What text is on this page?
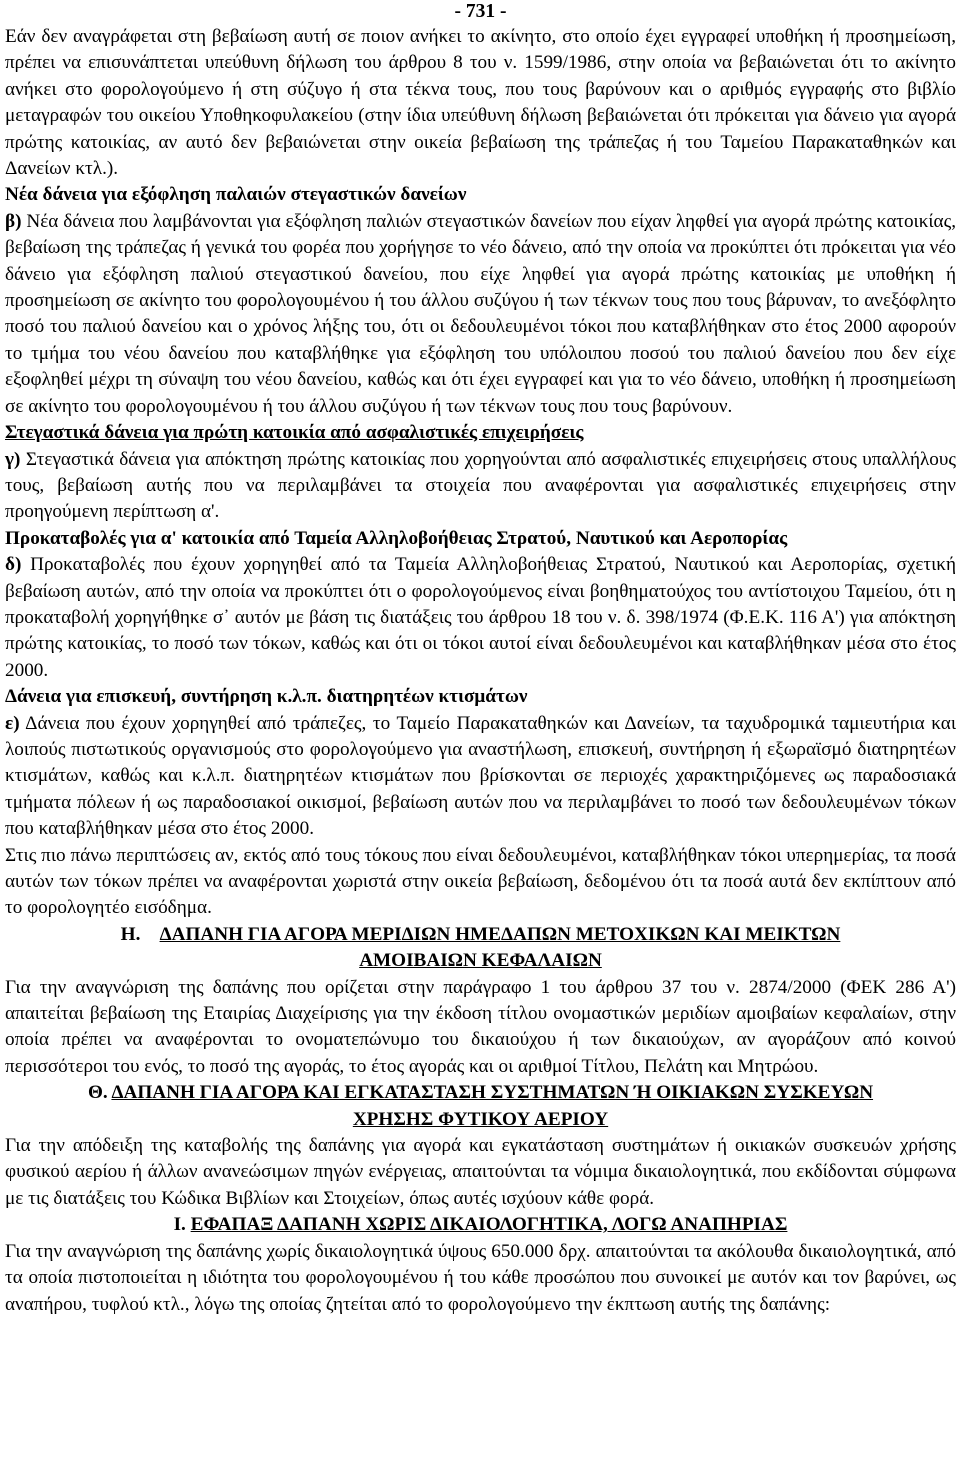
- 731 -

Εάν δεν αναγράφεται στη βεβαίωση αυτή σε ποιον ανήκει το ακίνητο, στο οποίο έχει εγγραφεί υποθήκη ή προσημείωση, πρέπει να επισυνάπτεται υπεύθυνη δήλωση του άρθρου 8 του ν. 1599/1986, στην οποία να βεβαιώνεται ότι το ακίνητο ανήκει στο φορολογούμενο ή στη σύζυγο ή στα τέκνα τους, που τους βαρύνουν και ο αριθμός εγγραφής στο βιβλίο μεταγραφών του οικείου Υποθηκοφυλακείου (στην ίδια υπεύθυνη δήλωση βεβαιώνεται ότι πρόκειται για δάνειο για αγορά πρώτης κατοικίας, αν αυτό δεν βεβαιώνεται στην οικεία βεβαίωση της τράπεζας ή του Ταμείου Παρακαταθηκών και Δανείων κτλ.).

Νέα δάνεια για εξόφληση παλαιών στεγαστικών δανείων

β) Νέα δάνεια που λαμβάνονται για εξόφληση παλιών στεγαστικών δανείων που είχαν ληφθεί για αγορά πρώτης κατοικίας, βεβαίωση της τράπεζας ή γενικά του φορέα που χορήγησε το νέο δάνειο, από την οποία να προκύπτει ότι πρόκειται για νέο δάνειο για εξόφληση παλιού στεγαστικού δανείου, που είχε ληφθεί για αγορά πρώτης κατοικίας με υποθήκη ή προσημείωση σε ακίνητο του φορολογουμένου ή του άλλου συζύγου ή των τέκνων τους που τους βάρυναν, το ανεξόφλητο ποσό του παλιού δανείου και ο χρόνος λήξης του, ότι οι δεδουλευμένοι τόκοι που καταβλήθηκαν στο έτος 2000 αφορούν το τμήμα του νέου δανείου που καταβλήθηκε για εξόφληση του υπόλοιπου ποσού του παλιού δανείου που δεν είχε εξοφληθεί μέχρι τη σύναψη του νέου δανείου, καθώς και ότι έχει εγγραφεί και για το νέο δάνειο, υποθήκη ή προσημείωση σε ακίνητο του φορολογουμένου ή του άλλου συζύγου ή των τέκνων τους που τους βαρύνουν.

Στεγαστικά δάνεια για πρώτη κατοικία από ασφαλιστικές επιχειρήσεις

γ) Στεγαστικά δάνεια για απόκτηση πρώτης κατοικίας που χορηγούνται από ασφαλιστικές επιχειρήσεις στους υπαλλήλους τους, βεβαίωση αυτής που να περιλαμβάνει τα στοιχεία που αναφέρονται για ασφαλιστικές επιχειρήσεις στην προηγούμενη περίπτωση α'.

Προκαταβολές για α' κατοικία από Ταμεία Αλληλοβοήθειας Στρατού, Ναυτικού και Αεροπορίας

δ) Προκαταβολές που έχουν χορηγηθεί από τα Ταμεία Αλληλοβοήθειας Στρατού, Ναυτικού και Αεροπορίας, σχετική βεβαίωση αυτών, από την οποία να προκύπτει ότι ο φορολογούμενος είναι βοηθηματούχος του αντίστοιχου Ταμείου, ότι η προκαταβολή χορηγήθηκε σ᾽ αυτόν με βάση τις διατάξεις του άρθρου 18 του ν. δ. 398/1974 (Φ.Ε.Κ. 116 Α') για απόκτηση πρώτης κατοικίας, το ποσό των τόκων, καθώς και ότι οι τόκοι αυτοί είναι δεδουλευμένοι και καταβλήθηκαν μέσα στο έτος 2000.

Δάνεια για επισκευή, συντήρηση κ.λ.π. διατηρητέων κτισμάτων

ε) Δάνεια που έχουν χορηγηθεί από τράπεζες, το Ταμείο Παρακαταθηκών και Δανείων, τα ταχυδρομικά ταμιευτήρια και λοιπούς πιστωτικούς οργανισμούς στο φορολογούμενο για αναστήλωση, επισκευή, συντήρηση ή εξωραϊσμό διατηρητέων κτισμάτων, καθώς και κ.λ.π. διατηρητέων κτισμάτων που βρίσκονται σε περιοχές χαρακτηριζόμενες ως παραδοσιακά τμήματα πόλεων ή ως παραδοσιακοί οικισμοί, βεβαίωση αυτών που να περιλαμβάνει το ποσό των δεδουλευμένων τόκων που καταβλήθηκαν μέσα στο έτος 2000.

Στις πιο πάνω περιπτώσεις αν, εκτός από τους τόκους που είναι δεδουλευμένοι, καταβλήθηκαν τόκοι υπερημερίας, τα ποσά αυτών των τόκων πρέπει να αναφέρονται χωριστά στην οικεία βεβαίωση, δεδομένου ότι τα ποσά αυτά δεν εκπίπτουν από το φορολογητέο εισόδημα.

Η. ΔΑΠΑΝΗ ΓΙΑ ΑΓΟΡΑ ΜΕΡΙΔΙΩΝ ΗΜΕΔΑΠΩΝ ΜΕΤΟΧΙΚΩΝ ΚΑΙ ΜΕΙΚΤΩΝ
ΑΜΟΙΒΑΙΩΝ ΚΕΦΑΛΑΙΩΝ

Για την αναγνώριση της δαπάνης που ορίζεται στην παράγραφο 1 του άρθρου 37 του ν. 2874/2000 (ΦΕΚ 286 Α') απαιτείται βεβαίωση της Εταιρίας Διαχείρισης για την έκδοση τίτλου ονομαστικών μεριδίων αμοιβαίων κεφαλαίων, στην οποία πρέπει να αναφέρονται το ονοματεπώνυμο του δικαιούχου ή των δικαιούχων, αν αγοράζουν από κοινού περισσότεροι του ενός, το ποσό της αγοράς, το έτος αγοράς και οι αριθμοί Τίτλου, Πελάτη και Μητρώου.

Θ. ΔΑΠΑΝΗ ΓΙΑ ΑΓΟΡΑ ΚΑΙ ΕΓΚΑΤΑΣΤΑΣΗ ΣΥΣΤΗΜΑΤΩΝ Ή ΟΙΚΙΑΚΩΝ ΣΥΣΚΕΥΩΝ
ΧΡΗΣΗΣ ΦΥΤΙΚΟΥ ΑΕΡΙΟΥ

Για την απόδειξη της καταβολής της δαπάνης για αγορά και εγκατάσταση συστημάτων ή οικιακών συσκευών χρήσης φυσικού αερίου ή άλλων ανανεώσιμων πηγών ενέργειας, απαιτούνται τα νόμιμα δικαιολογητικά, που εκδίδονται σύμφωνα με τις διατάξεις του Κώδικα Βιβλίων και Στοιχείων, όπως αυτές ισχύουν κάθε φορά.

Ι. ΕΦΑΠΑΞ ΔΑΠΑΝΗ ΧΩΡΙΣ ΔΙΚΑΙΟΛΟΓΗΤΙΚΑ, ΛΟΓΩ ΑΝΑΠΗΡΙΑΣ

Για την αναγνώριση της δαπάνης χωρίς δικαιολογητικά ύψους 650.000 δρχ. απαιτούνται τα ακόλουθα δικαιολογητικά, από τα οποία πιστοποιείται η ιδιότητα του φορολογουμένου ή του κάθε προσώπου που συνοικεί με αυτόν και τον βαρύνει, ως αναπήρου, τυφλού κτλ., λόγω της οποίας ζητείται από το φορολογούμενο την έκπτωση αυτής της δαπάνης:
